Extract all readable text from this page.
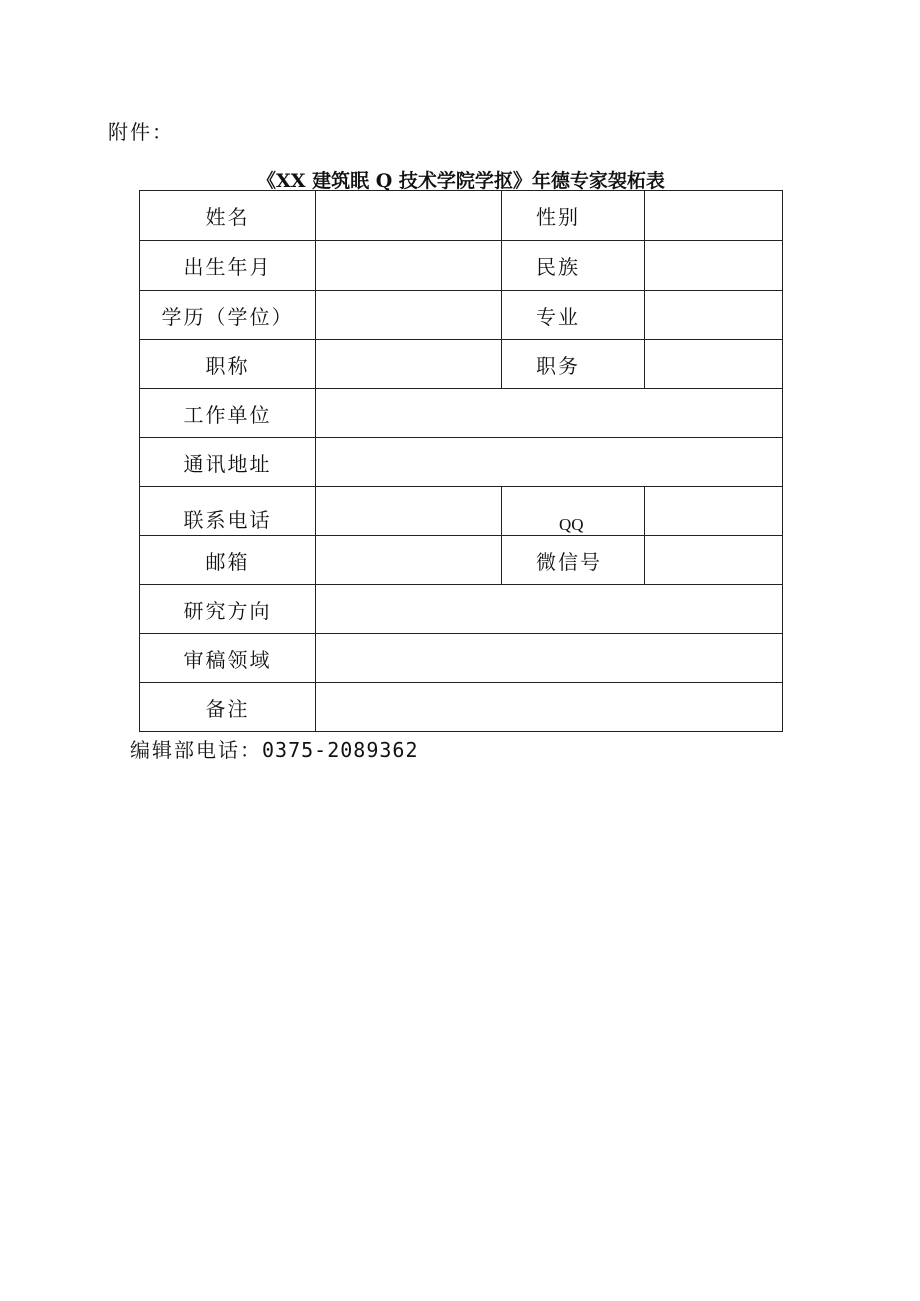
附件：
《XX 建筑眠 Q 技术学院学抠》年德专家袈柘表
姓名		性别	
出生年月		民族	
学历（学位）		专业	
职称		职务	
工作单位			
通讯地址			
联系电话		QQ	
邮箱		微信号	
研究方向			
审稿领域			
备注			
编辑部电话：0375-2089362
